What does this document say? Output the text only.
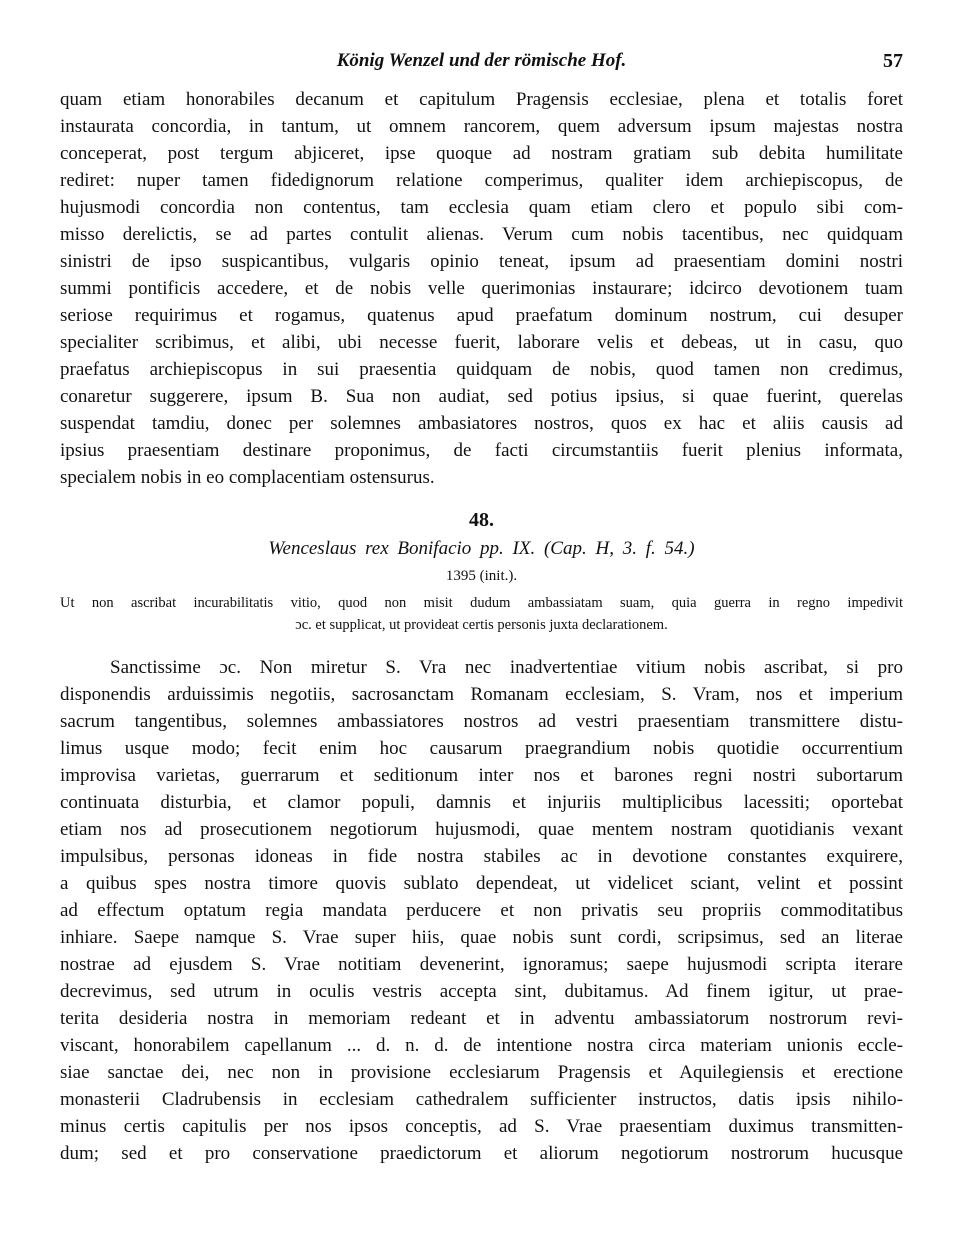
König Wenzel und der römische Hof.	57
quam etiam honorabiles decanum et capitulum Pragensis ecclesiae, plena et totalis foret
instaurata concordia, in tantum, ut omnem rancorem, quem adversum ipsum majestas nostra
conceperat, post tergum abjiceret, ipse quoque ad nostram gratiam sub debita humilitate
rediret: nuper tamen fidedignorum relatione comperimus, qualiter idem archiepiscopus, de
hujusmodi concordia non contentus, tam ecclesia quam etiam clero et populo sibi com-
misso derelictis, se ad partes contulit alienas. Verum cum nobis tacentibus, nec quidquam
sinistri de ipso suspicantibus, vulgaris opinio teneat, ipsum ad praesentiam domini nostri
summi pontificis accedere, et de nobis velle querimonias instaurare; idcirco devotionem tuam
seriose requirimus et rogamus, quatenus apud praefatum dominum nostrum, cui desuper
specialiter scribimus, et alibi, ubi necesse fuerit, laborare velis et debeas, ut in casu, quo
praefatus archiepiscopus in sui praesentia quidquam de nobis, quod tamen non credimus,
conaretur suggerere, ipsum B. Sua non audiat, sed potius ipsius, si quae fuerint, querelas
suspendat tamdiu, donec per solemnes ambasiatores nostros, quos ex hac et aliis causis ad
ipsius praesentiam destinare proponimus, de facti circumstantiis fuerit plenius informata,
specialem nobis in eo complacentiam ostensurus.
48.
Wenceslaus rex Bonifacio pp. IX. (Cap. H, 3. f. 54.)
1395 (init.).
Ut non ascribat incurabilitatis vitio, quod non misit dudum ambassiatam suam, quia guerra in regno impedivit
ɔc. et supplicat, ut provideat certis personis juxta declarationem.
Sanctissime ɔc. Non miretur S. Vra nec inadvertentiae vitium nobis ascribat, si pro
disponendis arduissimis negotiis, sacrosanctam Romanam ecclesiam, S. Vram, nos et imperium
sacrum tangentibus, solemnes ambassiatores nostros ad vestri praesentiam transmittere distu-
limus usque modo; fecit enim hoc causarum praegrandium nobis quotidie occurrentium
improvisa varietas, guerrarum et seditionum inter nos et barones regni nostri subortarum
continuata disturbia, et clamor populi, damnis et injuriis multiplicibus lacessiti; oportebat
etiam nos ad prosecutionem negotiorum hujusmodi, quae mentem nostram quotidianis vexant
impulsibus, personas idoneas in fide nostra stabiles ac in devotione constantes exquirere,
a quibus spes nostra timore quovis sublato dependeat, ut videlicet sciant, velint et possint
ad effectum optatum regia mandata perducere et non privatis seu propriis commoditatibus
inhiare. Saepe namque S. Vrae super hiis, quae nobis sunt cordi, scripsimus, sed an literae
nostrae ad ejusdem S. Vrae notitiam devenerint, ignoramus; saepe hujusmodi scripta iterare
decrevimus, sed utrum in oculis vestris accepta sint, dubitamus. Ad finem igitur, ut prae-
terita desideria nostra in memoriam redeant et in adventu ambassiatorum nostrorum revi-
viscant, honorabilem capellanum ... d. n. d. de intentione nostra circa materiam unionis eccle-
siae sanctae dei, nec non in provisione ecclesiarum Pragensis et Aquilegiensis et erectione
monasterii Cladrubensis in ecclesiam cathedralem sufficienter instructos, datis ipsis nihilo-
minus certis capitulis per nos ipsos conceptis, ad S. Vrae praesentiam duximus transmitten-
dum; sed et pro conservatione praedictorum et aliorum negotiorum nostrorum hucusque
